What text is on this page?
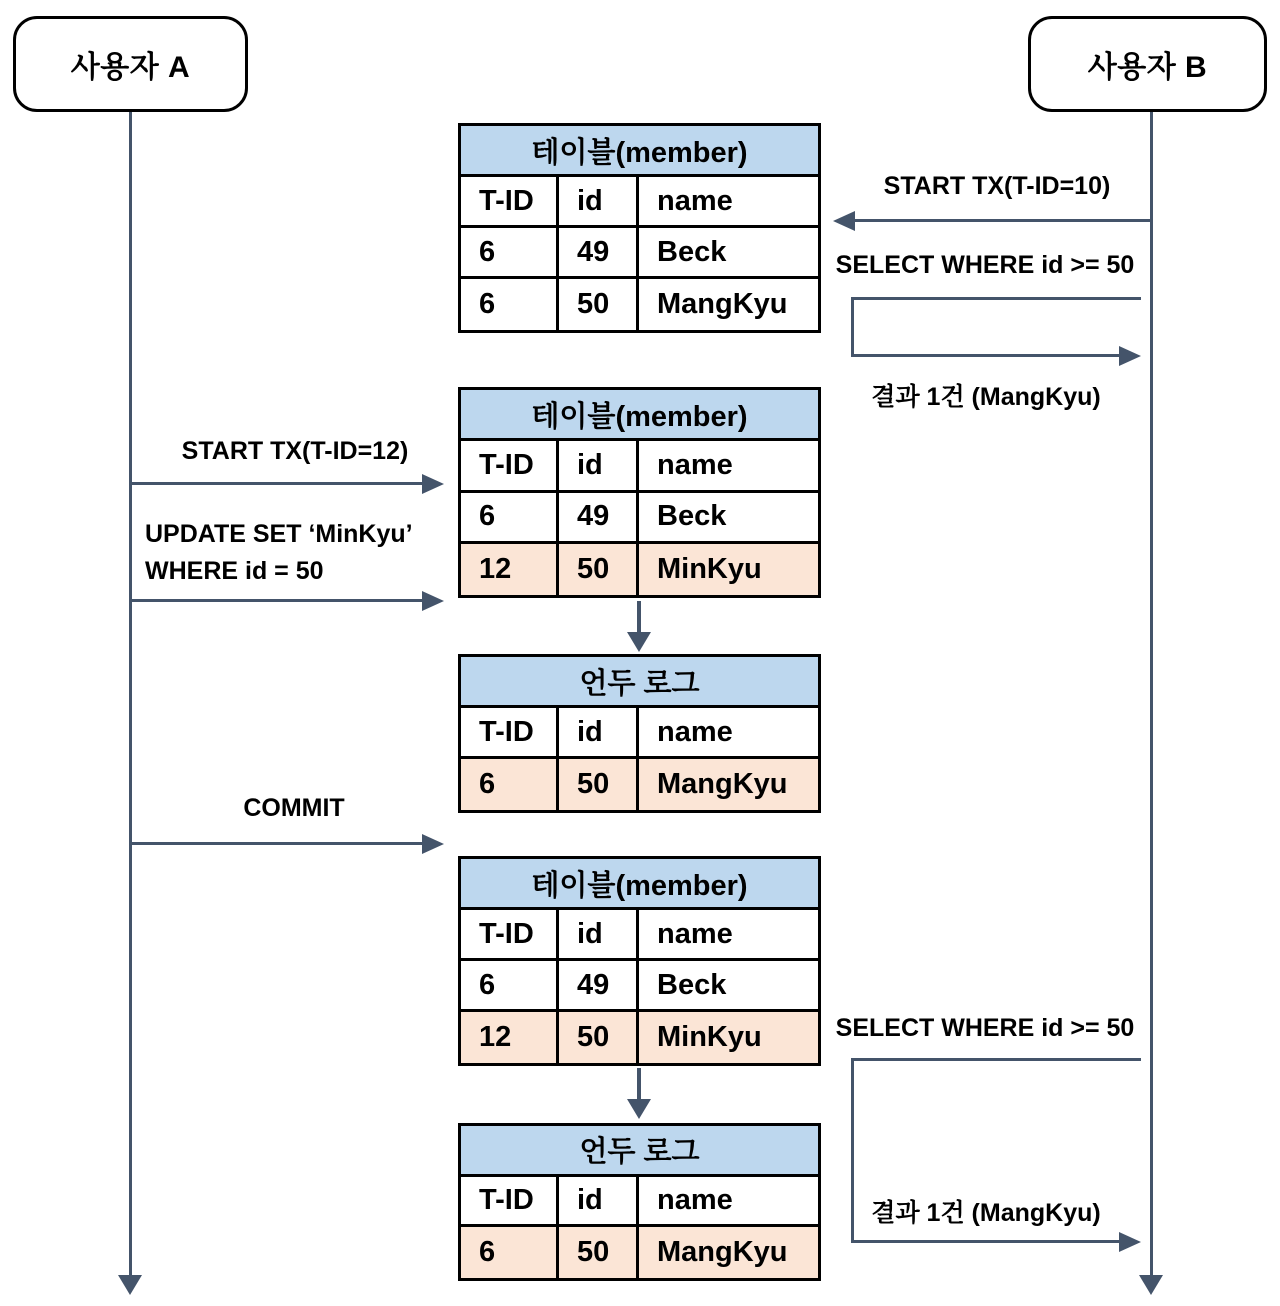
사용자 A	사용자 B
START TX(T-ID=10)
SELECT WHERE id >= 50
결과 1건 (MangKyu)
START TX(T-ID=12)
UPDATE SET ‘MinKyu’
WHERE id = 50
COMMIT
SELECT WHERE id >= 50
결과 1건 (MangKyu)
테이블(member)
T-ID	id	name
6	49	Beck
6	50	MangKyu
테이블(member)
T-ID	id	name
6	49	Beck
12	50	MinKyu
언두 로그
T-ID	id	name
6	50	MangKyu
테이블(member)
T-ID	id	name
6	49	Beck
12	50	MinKyu
언두 로그
T-ID	id	name
6	50	MangKyu
